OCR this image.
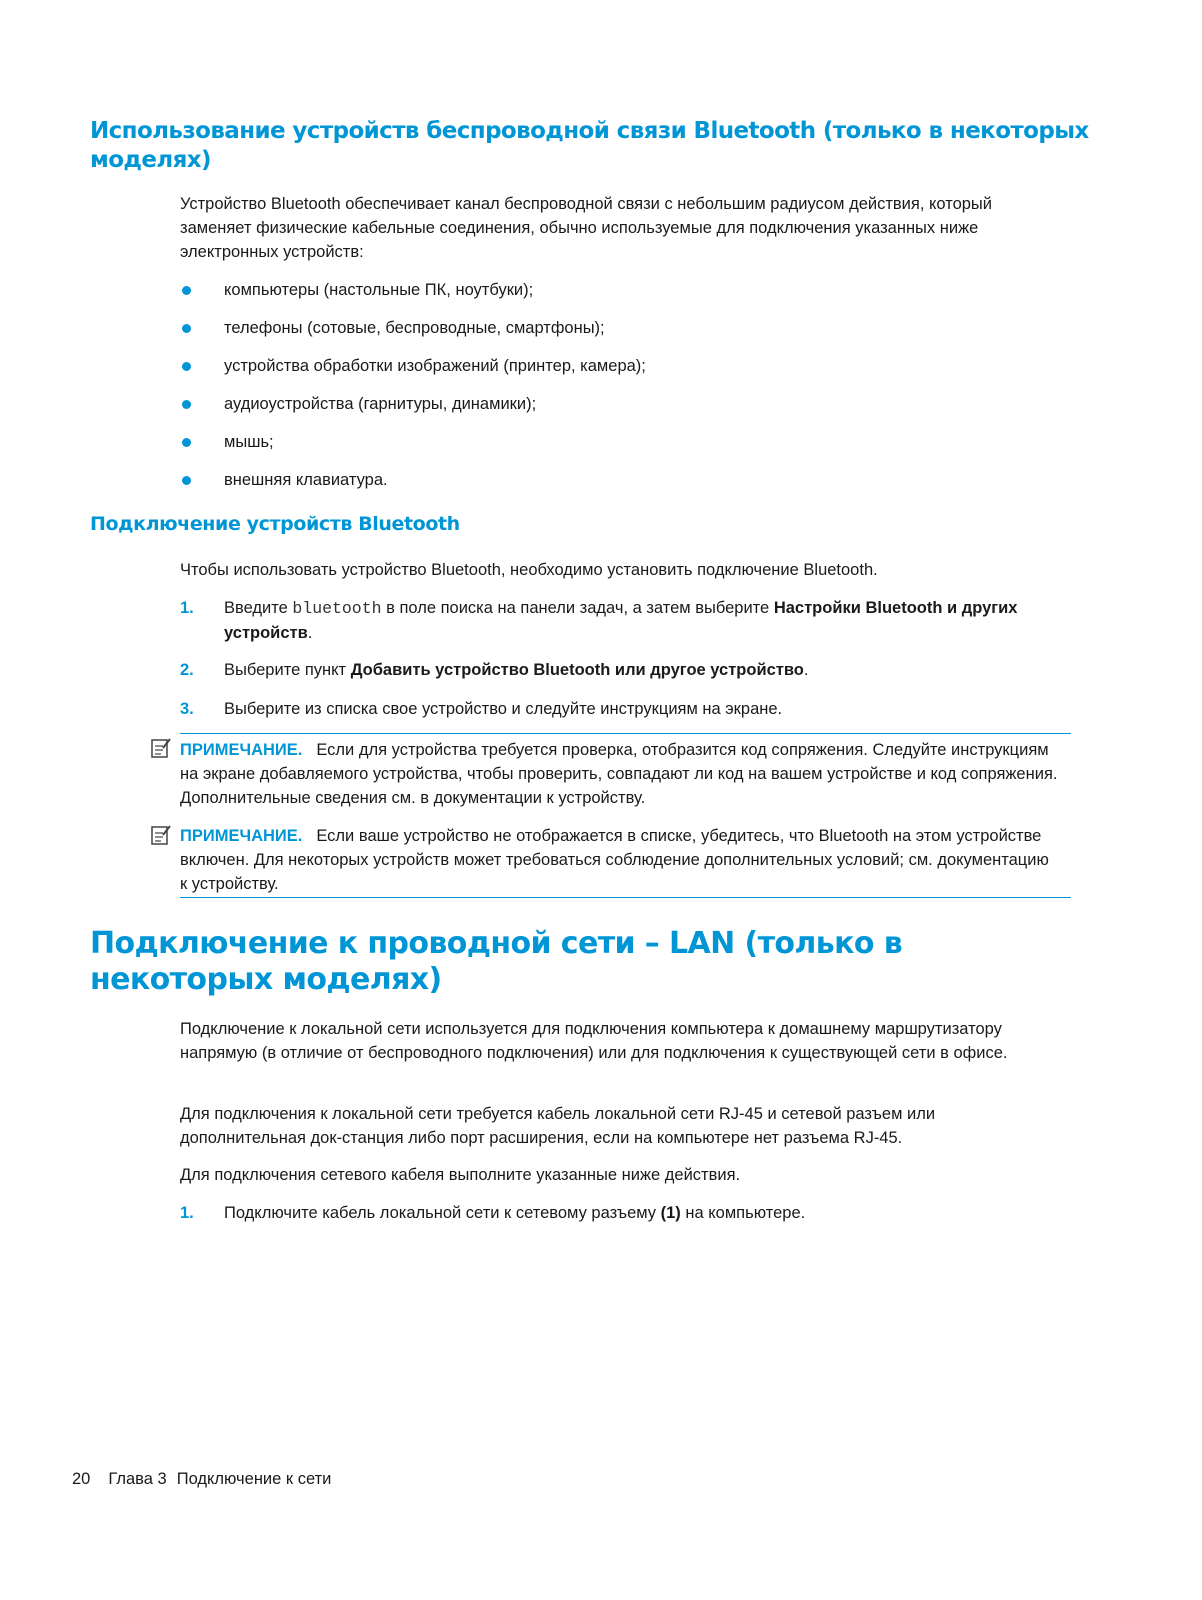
Использование устройств беспроводной связи Bluetooth (только в некоторых моделях)
Устройство Bluetooth обеспечивает канал беспроводной связи с небольшим радиусом действия, который заменяет физические кабельные соединения, обычно используемые для подключения указанных ниже электронных устройств:
компьютеры (настольные ПК, ноутбуки);
телефоны (сотовые, беспроводные, смартфоны);
устройства обработки изображений (принтер, камера);
аудиоустройства (гарнитуры, динамики);
мышь;
внешняя клавиатура.
Подключение устройств Bluetooth
Чтобы использовать устройство Bluetooth, необходимо установить подключение Bluetooth.
1. Введите bluetooth в поле поиска на панели задач, а затем выберите Настройки Bluetooth и других устройств.
2. Выберите пункт Добавить устройство Bluetooth или другое устройство.
3. Выберите из списка свое устройство и следуйте инструкциям на экране.
ПРИМЕЧАНИЕ. Если для устройства требуется проверка, отобразится код сопряжения. Следуйте инструкциям на экране добавляемого устройства, чтобы проверить, совпадают ли код на вашем устройстве и код сопряжения. Дополнительные сведения см. в документации к устройству.
ПРИМЕЧАНИЕ. Если ваше устройство не отображается в списке, убедитесь, что Bluetooth на этом устройстве включен. Для некоторых устройств может требоваться соблюдение дополнительных условий; см. документацию к устройству.
Подключение к проводной сети – LAN (только в некоторых моделях)
Подключение к локальной сети используется для подключения компьютера к домашнему маршрутизатору напрямую (в отличие от беспроводного подключения) или для подключения к существующей сети в офисе.
Для подключения к локальной сети требуется кабель локальной сети RJ-45 и сетевой разъем или дополнительная док-станция либо порт расширения, если на компьютере нет разъема RJ-45.
Для подключения сетевого кабеля выполните указанные ниже действия.
1. Подключите кабель локальной сети к сетевому разъему (1) на компьютере.
20 Глава 3 Подключение к сети
